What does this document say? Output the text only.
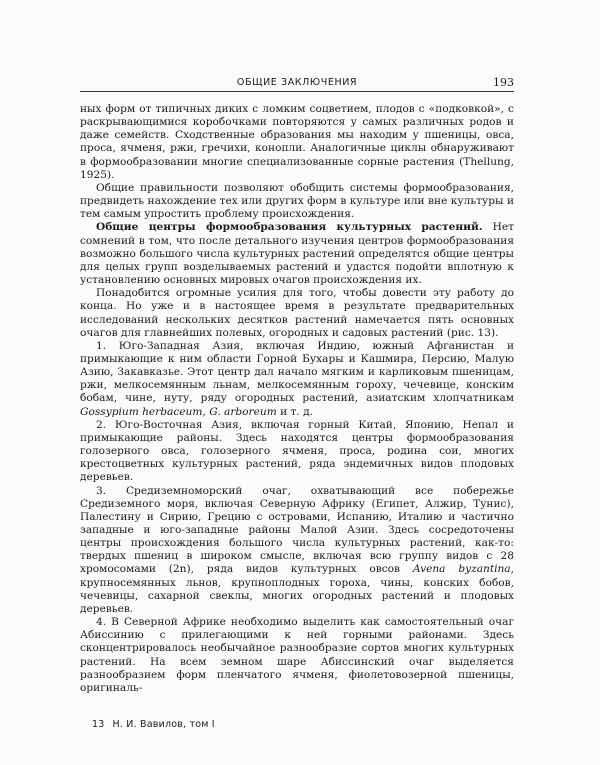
ОБЩИЕ ЗАКЛЮЧЕНИЯ	193

ных форм от типичных диких с ломким соцветием, плодов с «подковкой», с раскрывающимися коробочками повторяются у самых различных родов и даже семейств. Сходственные образования мы находим у пшеницы, овса, проса, ячменя, ржи, гречихи, конопли. Аналогичные циклы обнаруживают в формообразовании многие специализованные сорные растения (Thellung, 1925).

Общие правильности позволяют обобщить системы формообразования, предвидеть нахождение тех или других форм в культуре или вне культуры и тем самым упростить проблему происхождения.

Общие центры формообразования культурных растений. Нет сомнений в том, что после детального изучения центров формообразования возможно большого числа культурных растений определятся общие центры для целых групп возделываемых растений и удастся подойти вплотную к установлению основных мировых очагов происхождения их.

Понадобится огромные усилия для того, чтобы довести эту работу до конца. Но уже и в настоящее время в результате предварительных исследований нескольких десятков растений намечается пять основных очагов для главнейших полевых, огородных и садовых растений (рис. 13).

1. Юго-Западная Азия, включая Индию, южный Афганистан и примыкающие к ним области Горной Бухары и Кашмира, Персию, Малую Азию, Закавказье. Этот центр дал начало мягким и карликовым пшеницам, ржи, мелкосемянным льнам, мелкосемянным гороху, чечевице, конским бобам, чине, нуту, ряду огородных растений, азиатским хлопчатникам Gossypium herbaceum, G. arboreum и т. д.

2. Юго-Восточная Азия, включая горный Китай, Японию, Непал и примыкающие районы. Здесь находятся центры формообразования голозерного овса, голозерного ячменя, проса, родина сои, многих крестоцветных культурных растений, ряда эндемичных видов плодовых деревьев.

3. Средиземноморский очаг, охватывающий все побережье Средиземного моря, включая Северную Африку (Египет, Алжир, Тунис), Палестину и Сирию, Грецию с островами, Испанию, Италию и частично западные и юго-западные районы Малой Азии. Здесь сосредоточены центры происхождения большого числа культурных растений, как-то: твердых пшениц в широком смысле, включая всю группу видов с 28 хромосомами (2n), ряда видов культурных овсов Avena byzantina, крупносемянных льнов, крупноплодных гороха, чины, конских бобов, чечевицы, сахарной свеклы, многих огородных растений и плодовых деревьев.

4. В Северной Африке необходимо выделить как самостоятельный очаг Абиссинию с прилегающими к ней горными районами. Здесь сконцентрировалось необычайное разнообразие сортов многих культурных растений. На всем земном шаре Абиссинский очаг выделяется разнообразием форм пленчатого ячменя, фиолетовозерной пшеницы, оригиналь-

13 Н. И. Вавилов, том I
